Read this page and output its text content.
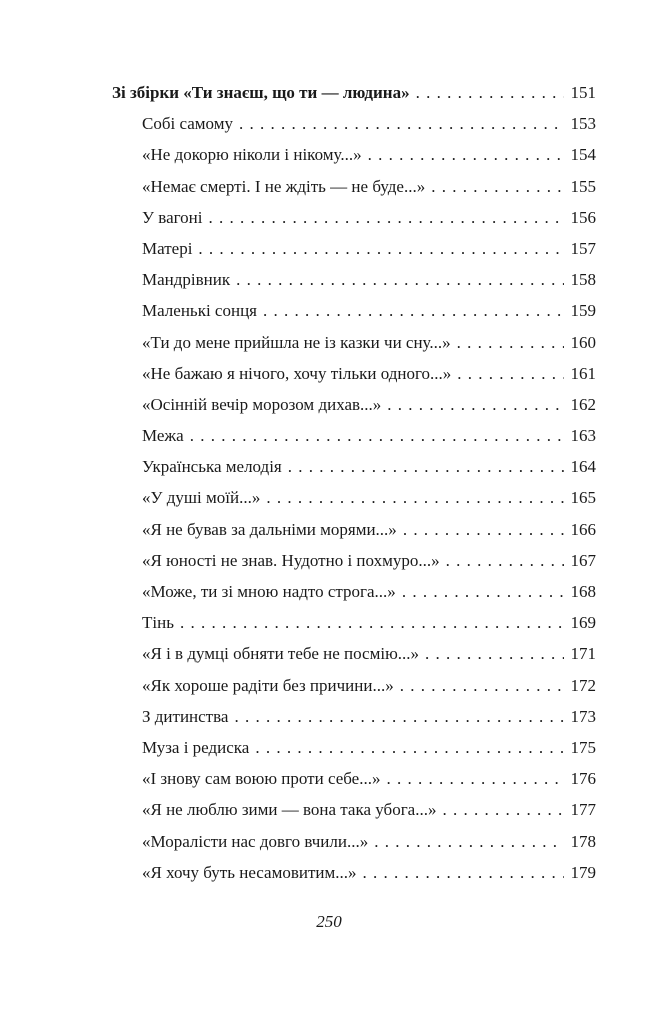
Зі збірки «Ти знаєш, що ти — людина» . . .	151
Собі самому . . .	153
«Не докорю ніколи і нікому...» . . .	154
«Немає смерті. І не ждіть — не буде...» . . .	155
У вагоні . . .	156
Матері . . .	157
Мандрівник . . .	158
Маленькі сонця . . .	159
«Ти до мене прийшла не із казки чи сну...» . . .	160
«Не бажаю я нічого, хочу тільки одного...» . . .	161
«Осінній вечір морозом дихав...» . . .	162
Межа . . .	163
Українська мелодія . . .	164
«У душі моїй...» . . .	165
«Я не бував за дальніми морями...» . . .	166
«Я юності не знав. Нудотно і похмуро...» . . .	167
«Може, ти зі мною надто строга...» . . .	168
Тінь . . .	169
«Я і в думці обняти тебе не посмію...» . . .	171
«Як хороше радіти без причини...» . . .	172
З дитинства . . .	173
Муза і редиска . . .	175
«І знову сам воюю проти себе...» . . .	176
«Я не люблю зими — вона така убога...» . . .	177
«Моралісти нас довго вчили...» . . .	178
«Я хочу буть несамовитим...» . . .	179
250
